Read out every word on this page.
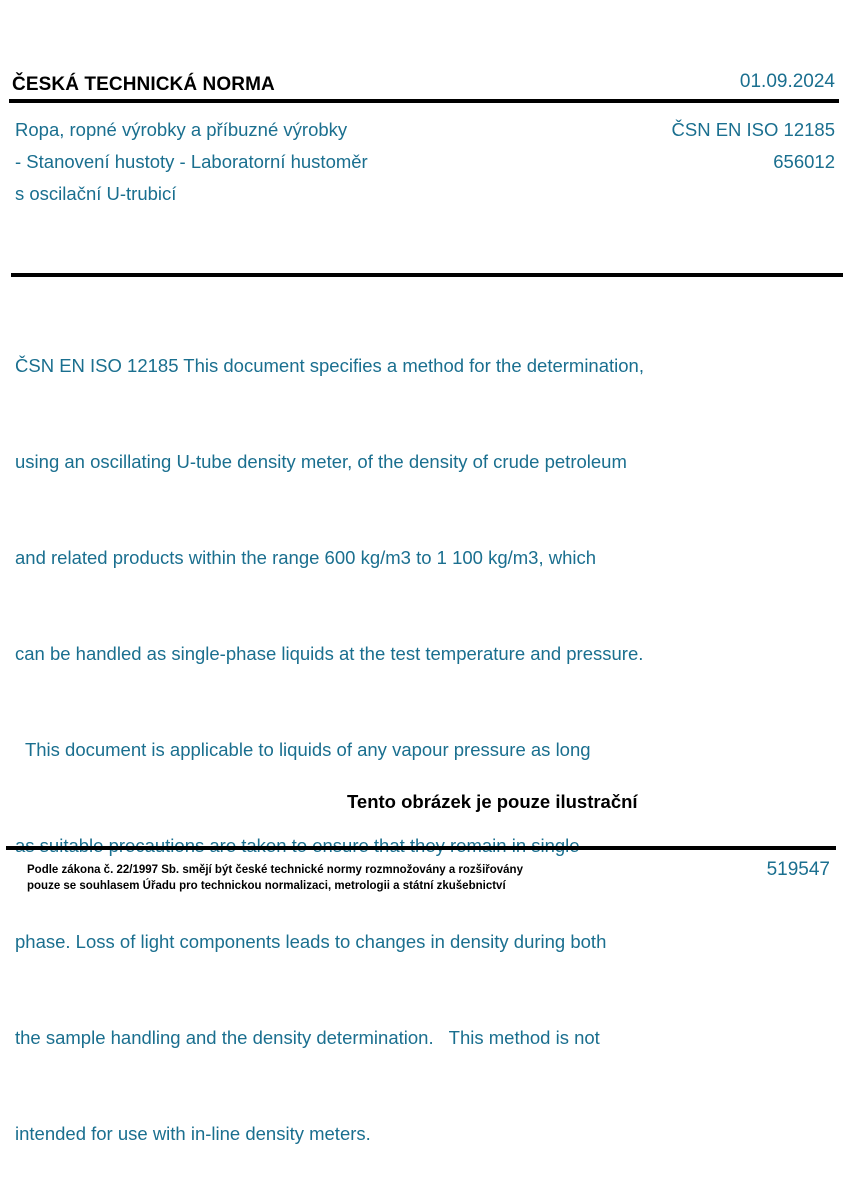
ČESKÁ TECHNICKÁ NORMA	01.09.2024
Ropa, ropné výrobky a příbuzné výrobky
- Stanovení hustoty - Laboratorní hustoměr
s oscilační U-trubicí
ČSN EN ISO 12185
656012

ČSN EN ISO 12185 This document specifies a method for the determination,

using an oscillating U-tube density meter, of the density of crude petroleum

and related products within the range 600 kg/m3 to 1 100 kg/m3, which

can be handled as single-phase liquids at the test temperature and pressure.

This document is applicable to liquids of any vapour pressure as long

phase. Loss of light components leads to changes in density during both

the sample handling and the density determination.   This method is not

intended for use with in-line density meters.

Tento obrázek je pouze ilustrační
Podle zákona č. 22/1997 Sb. smějí být české technické normy rozmnožovány a rozšiřovány
pouze se souhlasem Úřadu pro technickou normalizaci, metrologii a státní zkušebnictví
519547
